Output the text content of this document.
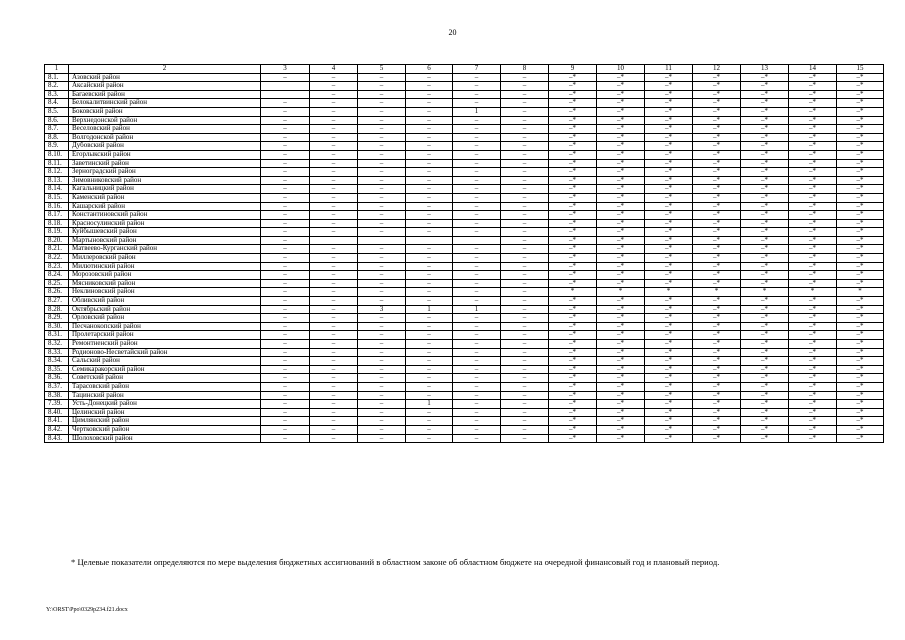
20
1	2	3	4	5	6	7	8	9	10	11	12	13	14	15
8.1.	Азовский район	–	–	–	–	–	–	–*	–*	–*	–*	–*	–*	–*
8.2.	Аксайский район		–	–	–	–	–	–*	–*	–*	–*	–*	–*	–*
8.3.	Багаевский район		–	–	–	–	–	–*	–*	–*	–*	–*	–*	–*
8.4.	Белокалитвинский район	–	–	–	–	–	–	–*	–*	–*	–*	–*	–*	–*
8.5.	Боковский район	–	–	–	–	1	–	–*	–*	–*	–*	–*	–*	–*
8.6.	Верхнедонской район	–	–	–	–	–	–	–*	–*	–*	–*	–*	–*	–*
8.7.	Веселовский район	–	–	–	–	–	–	–*	–*	–*	–*	–*	–*	–*
8.8.	Волгодонской район	–	–	–	–	–	–	–*	–*	–*	–*	–*	–*	–*
8.9.	Дубовский район	–	–	–	–	–	–	–*	–*	–*	–*	–*	–*	–*
8.10.	Егорлыкский район	–	–	–	–	–	–	–*	–*	–*	–*	–*	–*	–*
8.11.	Заветинский район	–	–	–	–	–	–	–*	–*	–*	–*	–*	–*	–*
8.12.	Зерноградский район	–	–	–	–	–	–	–*	–*	–*	–*	–*	–*	–*
8.13.	Зимовниковский район	–	–	–	–	–	–	–*	–*	–*	–*	–*	–*	–*
8.14.	Кагальницкий район	–	–	–	–	–	–	–*	–*	–*	–*	–*	–*	–*
8.15.	Каменский район	–	–	–	–	–	–	–*	–*	–*	–*	–*	–*	–*
8.16.	Кашарский район	–	–	–	–	–	–	–*	–*	–*	–*	–*	–*	–*
8.17.	Константиновский район	–	–	–	–	–	–	–*	–*	–*	–*	–*	–*	–*
8.18.	Красносулинский район	–	–	–	–	–	–	–*	–*	–*	–*	–*	–*	–*
8.19.	Куйбышевский район	–	–	–	–	–	–	–*	–*	–*	–*	–*	–*	–*
8.20.	Мартыновский район	–					–	–*	–*	–*	–*	–*	–*	–*
8.21.	Матвеево-Курганский район	–	–	–	–	–	–	–*	–*	–*	–*	–*	–*	–*
8.22.	Миллеровский район	–	–	–	–	–	–	–*	–*	–*	–*	–*	–*	–*
8.23.	Милютинский район	–	–	–	–	–	–	–*	–*	–*	–*	–*	–*	–*
8.24.	Морозовский район	–	–	–	–	–	–	–*	–*	–*	–*	–*	–*	–*
8.25.	Мясниковский район	–	–	–	–	–	–	–*	–*	–*	–*	–*	–*	–*
8.26.	Неклиновский район	–	–	–	–	–	–	*	*	*	*	*	*	*
8.27.	Обливский район	–	–	–	–	–	–	–*	–*	–*	–*	–*	–*	–*
8.28.	Октябрьский район	–	–	3	1	1	–	–*	–*	–*	–*	–*	–*	–*
8.29.	Орловский район	–	–	–	–	–	–	–*	–*	–*	–*	–*	–*	–*
8.30.	Песчанокопский район	–	–	–	–	–	–	–*	–*	–*	–*	–*	–*	–*
8.31.	Пролетарский район	–	–	–	–	–	–	–*	–*	–*	–*	–*	–*	–*
8.32.	Ремонтненский район	–	–	–	–	–	–	–*	–*	–*	–*	–*	–*	–*
8.33.	Родионово-Несветайский район	–	–	–	–	–	–	–*	–*	–*	–*	–*	–*	–*
8.34.	Сальский район	–	–	–	–	–	–	–*	–*	–*	–*	–*	–*	–*
8.35.	Семикаракорский район	–	–	–	–	–	–	–*	–*	–*	–*	–*	–*	–*
8.36.	Советский район	–	–	–	–	–	–	–*	–*	–*	–*	–*	–*	–*
8.37.	Тарасовский район	–	–	–	–	–	–	–*	–*	–*	–*	–*	–*	–*
8.38.	Тацинский район	–	–	–	–	–	–	–*	–*	–*	–*	–*	–*	–*
7.39.	Усть-Донецкий район	–	–	–	1	–	–	–*	–*	–*	–*	–*	–*	–*
8.40.	Целинский район	–	–	–	–	–	–	–*	–*	–*	–*	–*	–*	–*
8.41.	Цимлянский район	–	–	–	–	–	–	–*	–*	–*	–*	–*	–*	–*
8.42.	Чертковский район	–	–	–	–	–	–	–*	–*	–*	–*	–*	–*	–*
8.43.	Шолоховский район	–	–	–	–	–	–	–*	–*	–*	–*	–*	–*	–*
* Целевые показатели определяются по мере выделения бюджетных ассигнований в областном законе об областном бюджете на очередной финансовый год и плановый период.
Y:\ORST\Ppo\0329p234.f21.docx
